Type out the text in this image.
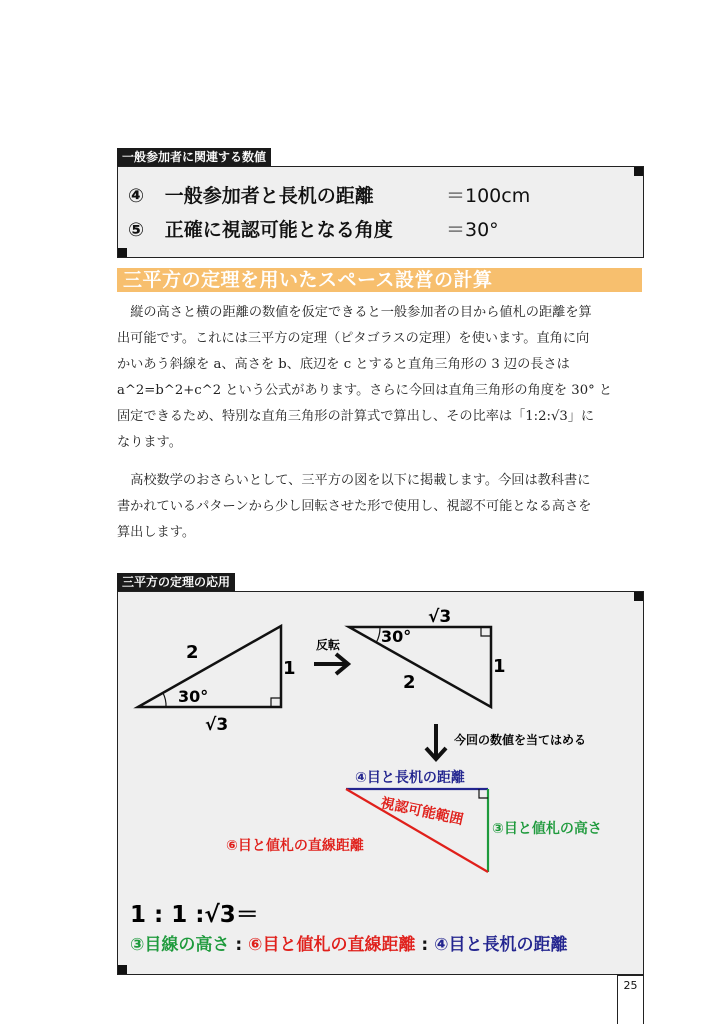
一般参加者に関連する数値
④ 一般参加者と長机の距離	＝100cm
⑤ 正確に視認可能となる角度	＝30°
三平方の定理を用いたスペース設営の計算
縦の高さと横の距離の数値を仮定できると一般参加者の目から値札の距離を算
出可能です。これには三平方の定理（ピタゴラスの定理）を使います。直角に向
かいあう斜線を a、高さを b、底辺を c とすると直角三角形の 3 辺の長さは
a^2=b^2+c^2 という公式があります。さらに今回は直角三角形の角度を 30° と
固定できるため、特別な直角三角形の計算式で算出し、その比率は「1:2:√3」に
なります。
高校数学のおさらいとして、三平方の図を以下に掲載します。今回は教科書に
書かれているパターンから少し回転させた形で使用し、視認不可能となる高さを
算出します。
三平方の定理の応用
2
1
30°
√3
反転
√3
30°
1
2
今回の数値を当てはめる
④目と長机の距離
視認可能範囲
③目と値札の高さ
⑥目と値札の直線距離
1 : 1 :√3＝
③目線の高さ : ⑥目と値札の直線距離 : ④目と長机の距離
25
